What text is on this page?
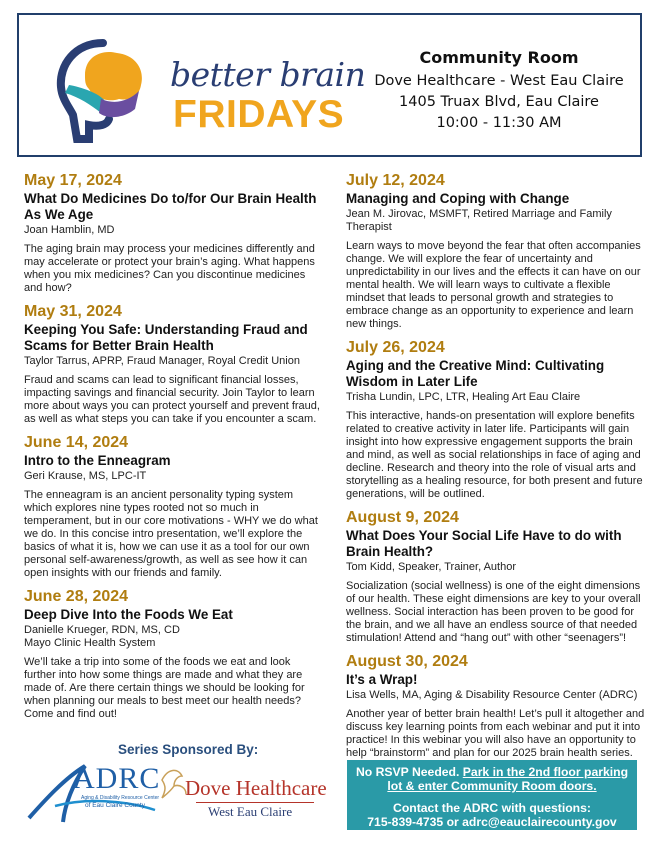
better brain
FRIDAYS
Community Room
Dove Healthcare - West Eau Claire
1405 Truax Blvd, Eau Claire
10:00 - 11:30 AM
May 17, 2024
What Do Medicines Do to/for Our Brain Health As We Age
Joan Hamblin, MD
The aging brain may process your medicines differently and may accelerate or protect your brain’s aging. What happens when you mix medicines? Can you discontinue medicines and how?
May 31, 2024
Keeping You Safe: Understanding Fraud and Scams for Better Brain Health
Taylor Tarrus, APRP, Fraud Manager, Royal Credit Union
Fraud and scams can lead to significant financial losses, impacting savings and financial security. Join Taylor to learn more about ways you can protect yourself and prevent fraud, as well as what steps you can take if you encounter a scam.
June 14, 2024
Intro to the Enneagram
Geri Krause, MS, LPC-IT
The enneagram is an ancient personality typing system which explores nine types rooted not so much in temperament, but in our core motivations - WHY we do what we do. In this concise intro presentation, we’ll explore the basics of what it is, how we can use it as a tool for our own personal self-awareness/growth, as well as see how it can open insights with our friends and family.
June 28, 2024
Deep Dive Into the Foods We Eat
Danielle Krueger, RDN, MS, CD
Mayo Clinic Health System
We’ll take a trip into some of the foods we eat and look further into how some things are made and what they are made of. Are there certain things we should be looking for when planning our meals to best meet our health needs? Come and find out!
July 12, 2024
Managing and Coping with Change
Jean M. Jirovac, MSMFT, Retired Marriage and Family Therapist
Learn ways to move beyond the fear that often accompanies change. We will explore the fear of uncertainty and unpredictability in our lives and the effects it can have on our mental health. We will learn ways to cultivate a flexible mindset that leads to personal growth and strategies to embrace change as an opportunity to experience and learn new things.
July 26, 2024
Aging and the Creative Mind: Cultivating Wisdom in Later Life
Trisha Lundin, LPC, LTR, Healing Art Eau Claire
This interactive, hands-on presentation will explore benefits related to creative activity in later life. Participants will gain insight into how expressive engagement supports the brain and mind, as well as social relationships in face of aging and decline. Research and theory into the role of visual arts and storytelling as a healing resource, for both present and future generations, will be outlined.
August 9, 2024
What Does Your Social Life Have to do with Brain Health?
Tom Kidd, Speaker, Trainer, Author
Socialization (social wellness) is one of the eight dimensions of our health. These eight dimensions are key to your overall wellness. Social interaction has been proven to be good for the brain, and we all have an endless source of that needed stimulation! Attend and “hang out” with other “seenagers”!
August 30, 2024
It’s a Wrap!
Lisa Wells, MA, Aging & Disability Resource Center (ADRC)
Another year of better brain health! Let’s pull it altogether and discuss key learning points from each webinar and put it into practice! In this webinar you will also have an opportunity to help “brainstorm” and plan for our 2025 brain health series.
Series Sponsored By:
ADRC
Aging & Disability Resource Center
of Eau Claire County
Dove Healthcare
West Eau Claire
No RSVP Needed. Park in the 2nd floor parking lot & enter Community Room doors.
Contact the ADRC with questions:
715-839-4735 or adrc@eauclairecounty.gov
